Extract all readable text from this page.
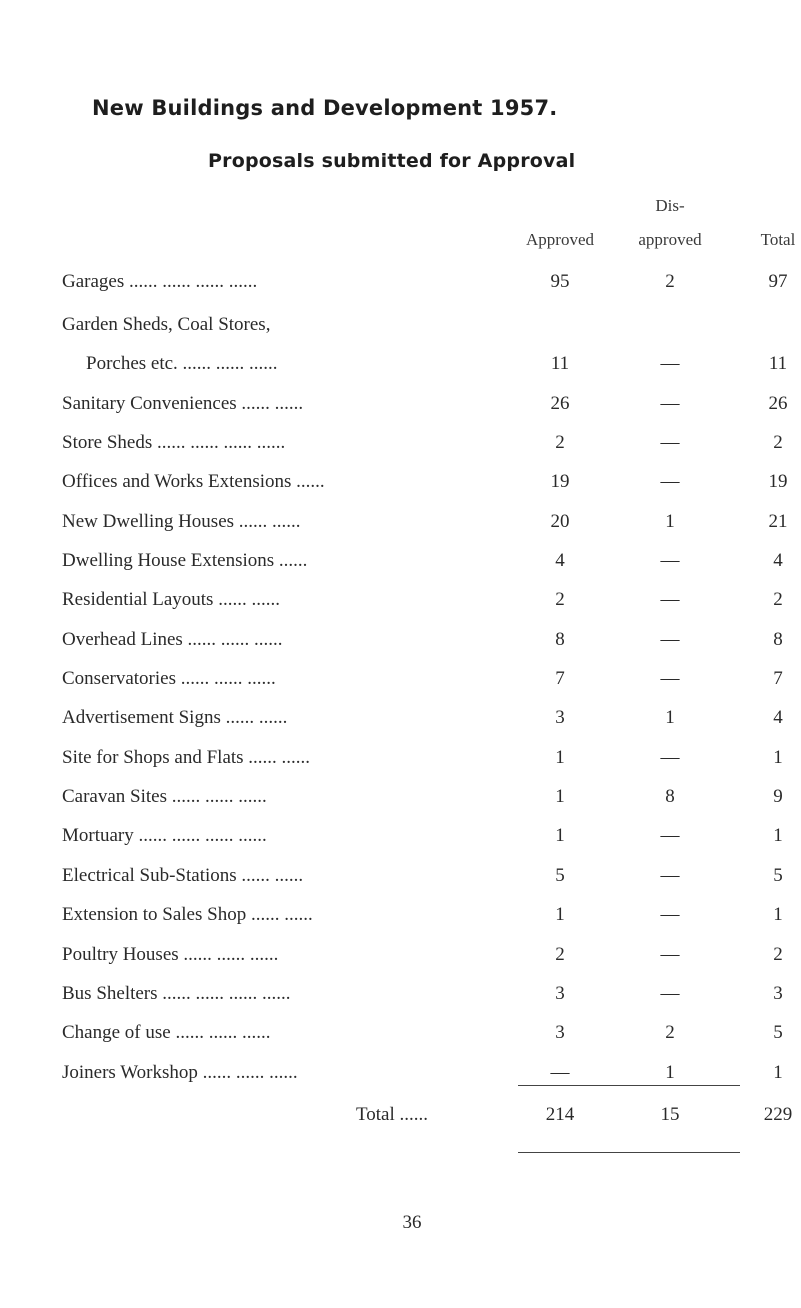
New Buildings and Development 1957.
Proposals submitted for Approval
Approved
Dis-
approved	Total
Garages ...... ...... ...... ......	95	2	97
Garden Sheds, Coal Stores,
Porches etc. ...... ...... ......	11	—	11
Sanitary Conveniences ...... ......	26	—	26
Store Sheds ...... ...... ...... ......	2	—	2
Offices and Works Extensions ......	19	—	19
New Dwelling Houses ...... ......	20	1	21
Dwelling House Extensions ......	4	—	4
Residential Layouts ...... ......	2	—	2
Overhead Lines ...... ...... ......	8	—	8
Conservatories ...... ...... ......	7	—	7
Advertisement Signs ...... ......	3	1	4
Site for Shops and Flats ...... ......	1	—	1
Caravan Sites ...... ...... ......	1	8	9
Mortuary ...... ...... ...... ......	1	—	1
Electrical Sub-Stations ...... ......	5	—	5
Extension to Sales Shop ...... ......	1	—	1
Poultry Houses ...... ...... ......	2	—	2
Bus Shelters ...... ...... ...... ......	3	—	3
Change of use ...... ...... ......	3	2	5
Joiners Workshop ...... ...... ......	—	1	1
Total ......	214	15	229
36
